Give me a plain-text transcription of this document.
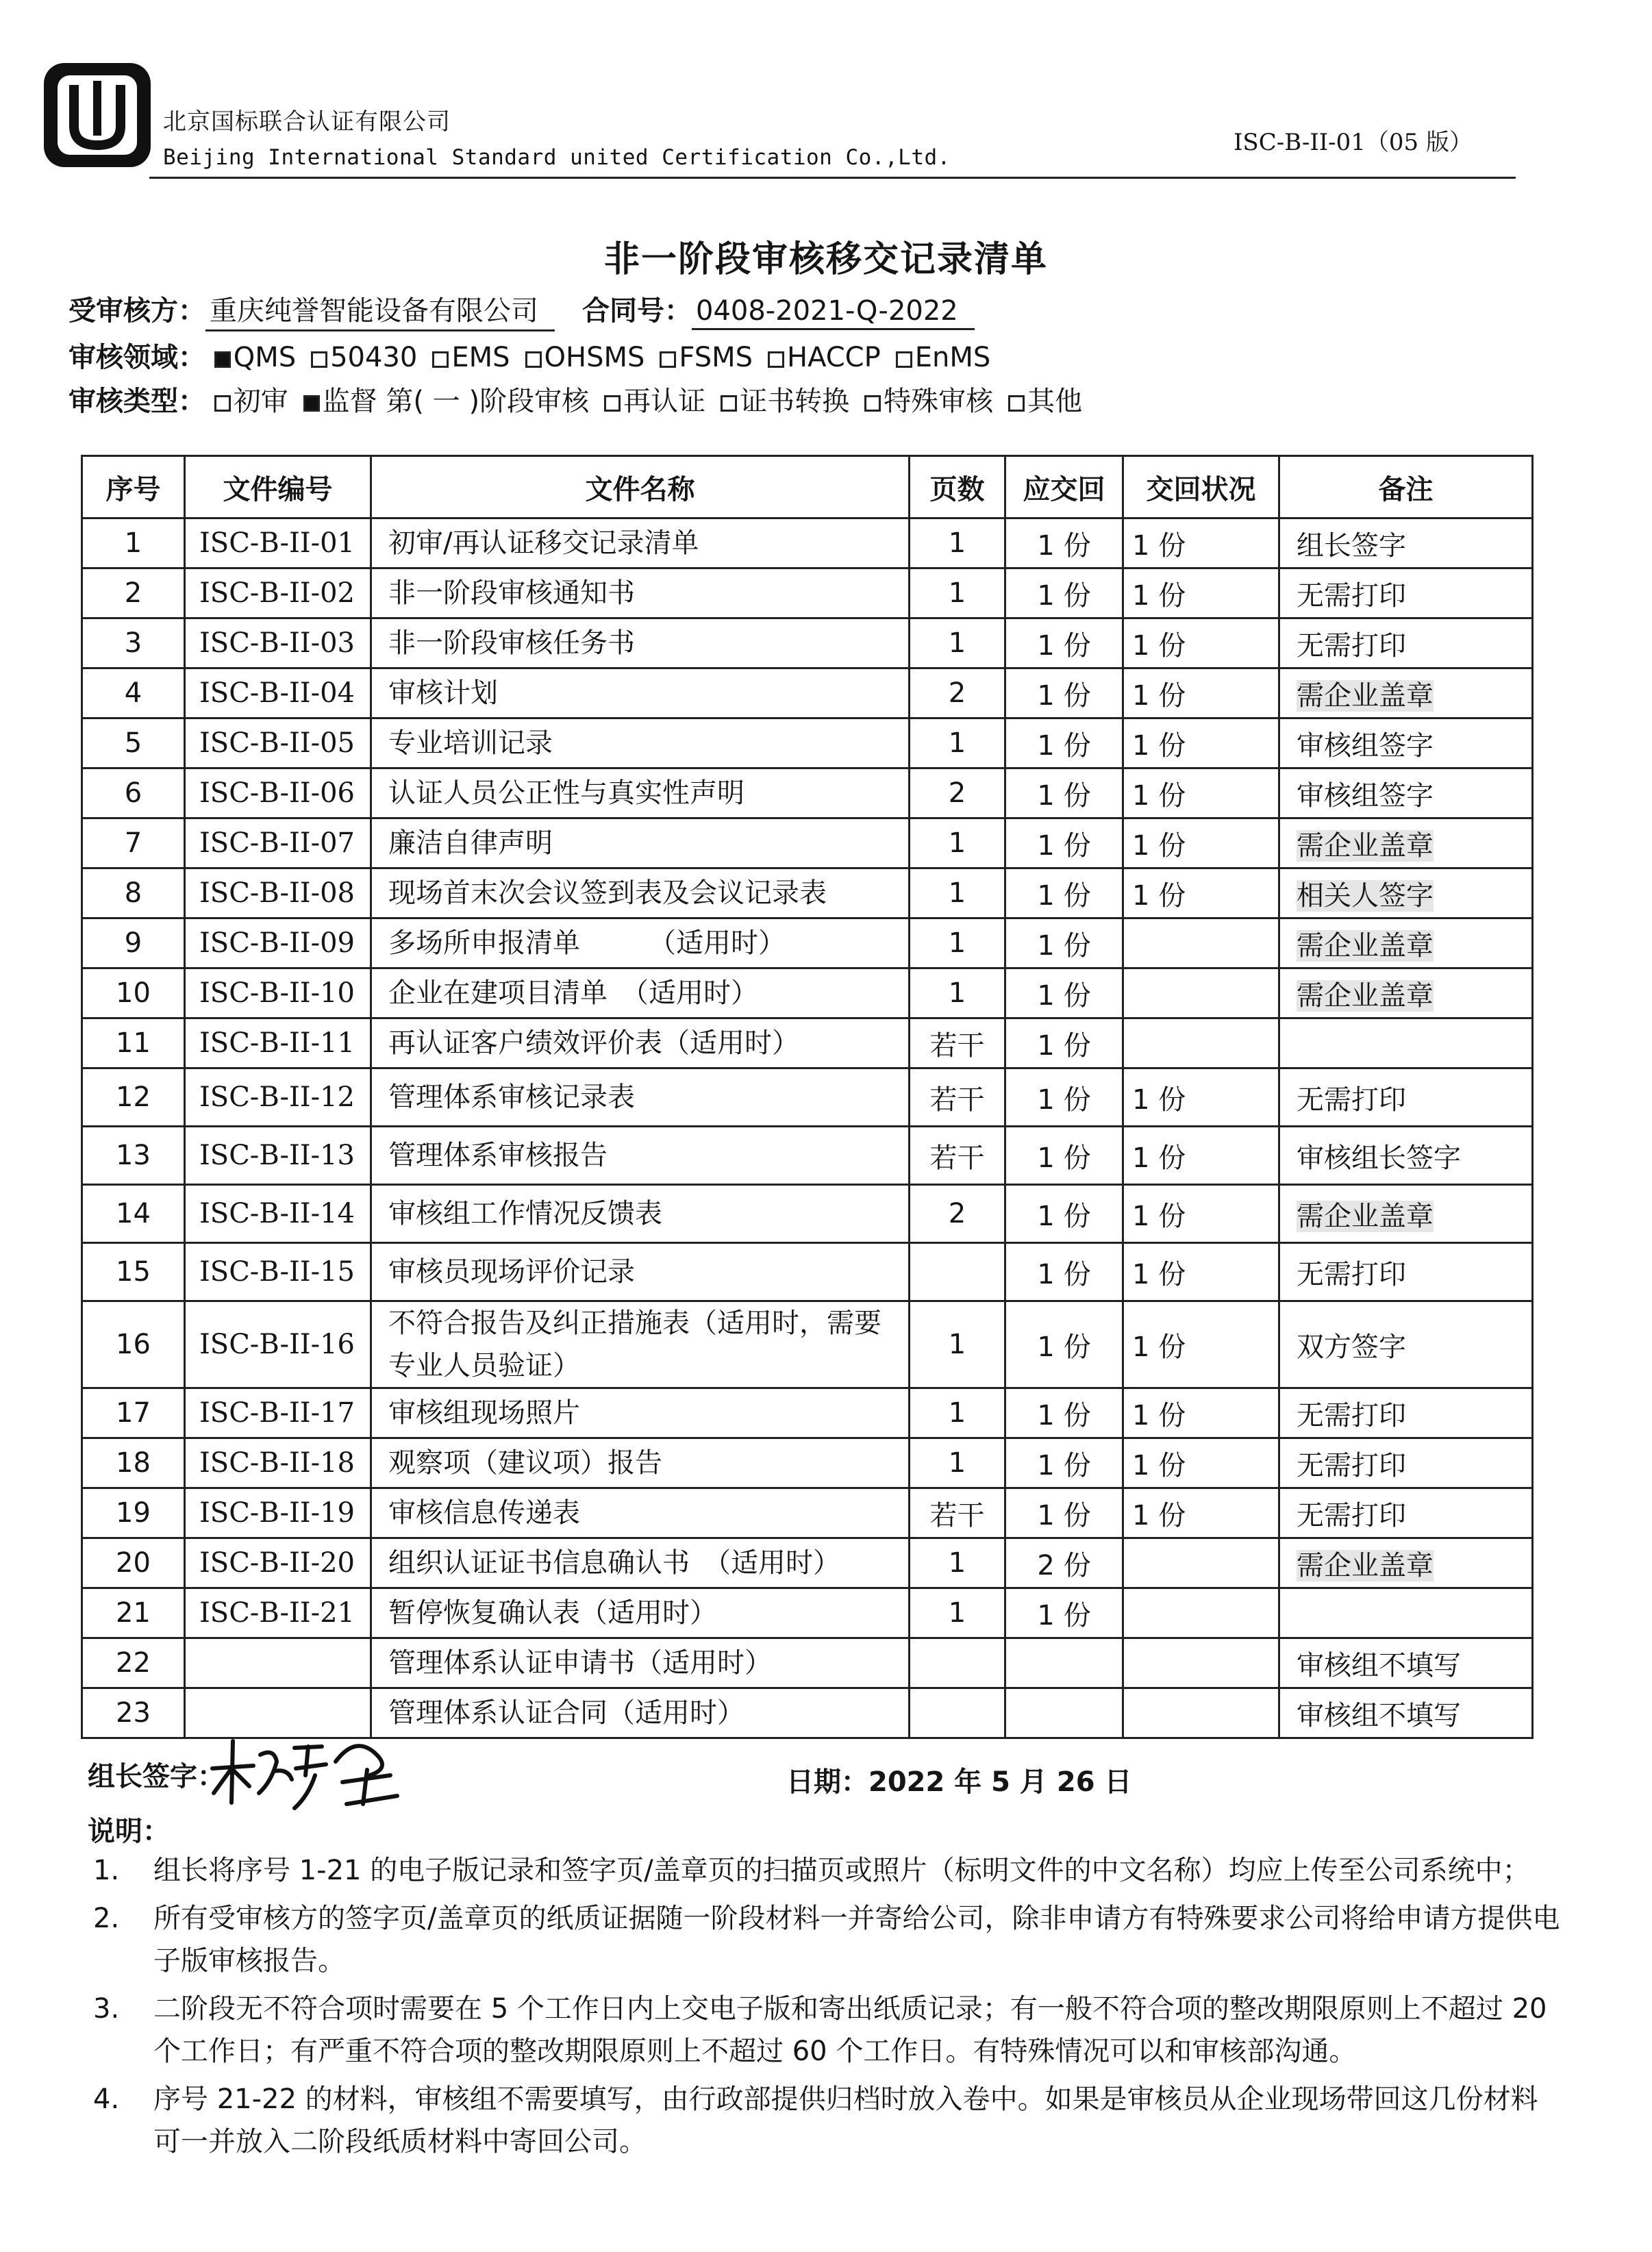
北京国标联合认证有限公司
Beijing International Standard united Certification Co.,Ltd.
ISC-B-II-01（05 版）
非一阶段审核移交记录清单
受审核方： 重庆纯誉智能设备有限公司 合同号： 0408-2021-Q-2022
审核领域： QMS 50430 EMS OHSMS FSMS HACCP EnMS
审核类型： 初审 监督 第( 一 )阶段审核 再认证 证书转换 特殊审核 其他
序号	文件编号	文件名称	页数	应交回	交回状况	备注
1	ISC-B-II-01	初审/再认证移交记录清单	1	1 份	1 份	组长签字
2	ISC-B-II-02	非一阶段审核通知书	1	1 份	1 份	无需打印
3	ISC-B-II-03	非一阶段审核任务书	1	1 份	1 份	无需打印
4	ISC-B-II-04	审核计划	2	1 份	1 份	需企业盖章
5	ISC-B-II-05	专业培训记录	1	1 份	1 份	审核组签字
6	ISC-B-II-06	认证人员公正性与真实性声明	2	1 份	1 份	审核组签字
7	ISC-B-II-07	廉洁自律声明	1	1 份	1 份	需企业盖章
8	ISC-B-II-08	现场首末次会议签到表及会议记录表	1	1 份	1 份	相关人签字
9	ISC-B-II-09	多场所申报清单　　　（适用时）	1	1 份		需企业盖章
10	ISC-B-II-10	企业在建项目清单　（适用时）	1	1 份		需企业盖章
11	ISC-B-II-11	再认证客户绩效评价表（适用时）	若干	1 份		
12	ISC-B-II-12	管理体系审核记录表	若干	1 份	1 份	无需打印
13	ISC-B-II-13	管理体系审核报告	若干	1 份	1 份	审核组长签字
14	ISC-B-II-14	审核组工作情况反馈表	2	1 份	1 份	需企业盖章
15	ISC-B-II-15	审核员现场评价记录		1 份	1 份	无需打印
16	ISC-B-II-16	不符合报告及纠正措施表（适用时，需要专业人员验证）	1	1 份	1 份	双方签字
17	ISC-B-II-17	审核组现场照片	1	1 份	1 份	无需打印
18	ISC-B-II-18	观察项（建议项）报告	1	1 份	1 份	无需打印
19	ISC-B-II-19	审核信息传递表	若干	1 份	1 份	无需打印
20	ISC-B-II-20	组织认证证书信息确认书　（适用时）	1	2 份		需企业盖章
21	ISC-B-II-21	暂停恢复确认表（适用时）	1	1 份		
22		管理体系认证申请书（适用时）				审核组不填写
23		管理体系认证合同（适用时）				审核组不填写
组长签字：	日期：2022 年 5 月 26 日
说明：
1. 组长将序号 1-21 的电子版记录和签字页/盖章页的扫描页或照片（标明文件的中文名称）均应上传至公司系统中；
2. 所有受审核方的签字页/盖章页的纸质证据随一阶段材料一并寄给公司，除非申请方有特殊要求公司将给申请方提供电子版审核报告。
3. 二阶段无不符合项时需要在 5 个工作日内上交电子版和寄出纸质记录；有一般不符合项的整改期限原则上不超过 20 个工作日；有严重不符合项的整改期限原则上不超过 60 个工作日。有特殊情况可以和审核部沟通。
4. 序号 21-22 的材料，审核组不需要填写，由行政部提供归档时放入卷中。如果是审核员从企业现场带回这几份材料可一并放入二阶段纸质材料中寄回公司。
